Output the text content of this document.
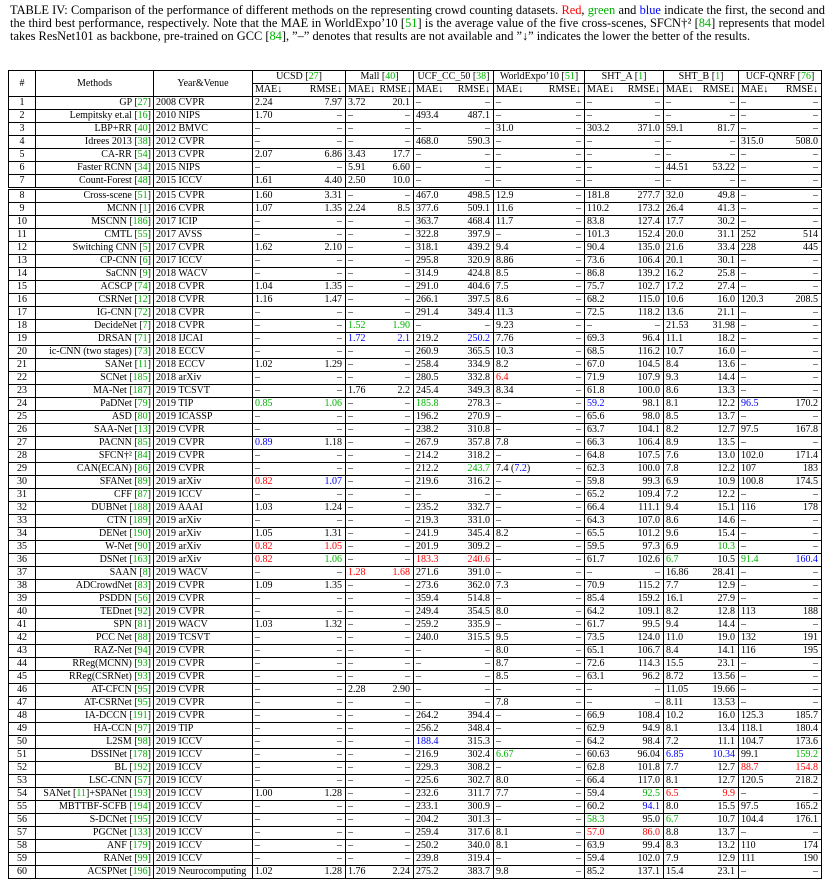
TABLE IV: Comparison of the performance of different methods on the representing crowd counting datasets. Red, green and blue indicate the first, the second and the third best performance, respectively. Note that the MAE in WorldExpo’10 [51] is the average value of the five cross-scenes, SFCN†² [84] represents that model takes ResNet101 as backbone, pre-trained on GCC [84], ”–” denotes that results are not available and ”↓” indicates the lower the better of the results.
#	Methods	Year&Venue	UCSD [27]		Mall [40]		UCF_CC_50 [38]		WorldExpo’10 [51]		SHT_A [1]		SHT_B [1]		UCF-QNRF [76]	
			MAE↓	RMSE↓	MAE↓	RMSE↓	MAE↓	RMSE↓	MAE↓	RMSE↓	MAE↓	RMSE↓	MAE↓	RMSE↓	MAE↓	RMSE↓
1	GP [27]	2008 CVPR	2.24	7.97	3.72	20.1	–	–	–	–	–	–	–	–	–	–
2	Lempitsky et.al [16]	2010 NIPS	1.70	–	–	–	493.4	487.1	–	–	–	–	–	–	–	–
3	LBP+RR [40]	2012 BMVC	–	–	–	–	–	–	31.0	–	303.2	371.0	59.1	81.7	–	–
4	Idrees 2013 [38]	2012 CVPR	–	–	–	–	468.0	590.3	–	–	–	–	–	–	315.0	508.0
5	CA-RR [54]	2013 CVPR	2.07	6.86	3.43	17.7	–	–	–	–	–	–	–	–	–	–
6	Faster RCNN [34]	2015 NIPS	–	–	5.91	6.60	–	–	–	–	–	–	44.51	53.22	–	–
7	Count-Forest [48]	2015 ICCV	1.61	4.40	2.50	10.0	–	–	–	–	–	–	–	–	–	–
8	Cross-scene [51]	2015 CVPR	1.60	3.31	–	–	467.0	498.5	12.9	–	181.8	277.7	32.0	49.8	–	–
9	MCNN [1]	2016 CVPR	1.07	1.35	2.24	8.5	377.6	509.1	11.6	–	110.2	173.2	26.4	41.3	–	–
10	MSCNN [186]	2017 ICIP	–	–	–	–	363.7	468.4	11.7	–	83.8	127.4	17.7	30.2	–	–
11	CMTL [55]	2017 AVSS	–	–	–	–	322.8	397.9	–	–	101.3	152.4	20.0	31.1	252	514
12	Switching CNN [5]	2017 CVPR	1.62	2.10	–	–	318.1	439.2	9.4	–	90.4	135.0	21.6	33.4	228	445
13	CP-CNN [6]	2017 ICCV	–	–	–	–	295.8	320.9	8.86	–	73.6	106.4	20.1	30.1	–	–
14	SaCNN [9]	2018 WACV	–	–	–	–	314.9	424.8	8.5	–	86.8	139.2	16.2	25.8	–	–
15	ACSCP [74]	2018 CVPR	1.04	1.35	–	–	291.0	404.6	7.5	–	75.7	102.7	17.2	27.4	–	–
16	CSRNet [12]	2018 CVPR	1.16	1.47	–	–	266.1	397.5	8.6	–	68.2	115.0	10.6	16.0	120.3	208.5
17	IG-CNN [72]	2018 CVPR	–	–	–	–	291.4	349.4	11.3	–	72.5	118.2	13.6	21.1	–	–
18	DecideNet [7]	2018 CVPR	–	–	1.52	1.90	–	–	9.23	–	–	–	21.53	31.98	–	–
19	DRSAN [71]	2018 IJCAI	–	–	1.72	2.1	219.2	250.2	7.76	–	69.3	96.4	11.1	18.2	–	–
20	ic-CNN (two stages) [73]	2018 ECCV	–	–	–	–	260.9	365.5	10.3	–	68.5	116.2	10.7	16.0	–	–
21	SANet [11]	2018 ECCV	1.02	1.29	–	–	258.4	334.9	8.2	–	67.0	104.5	8.4	13.6	–	–
22	SCNet [185]	2018 arXiv	–	–	–	–	280.5	332.8	6.4	–	71.9	107.9	9.3	14.4	–	–
23	MA-Net [187]	2019 TCSVT	–	–	1.76	2.2	245.4	349.3	8.34	–	61.8	100.0	8.6	13.3	–	–
24	PaDNet [79]	2019 TIP	0.85	1.06	–	–	185.8	278.3	–	–	59.2	98.1	8.1	12.2	96.5	170.2
25	ASD [80]	2019 ICASSP	–	–	–	–	196.2	270.9	–	–	65.6	98.0	8.5	13.7	–	–
26	SAA-Net [13]	2019 CVPR	–	–	–	–	238.2	310.8	–	–	63.7	104.1	8.2	12.7	97.5	167.8
27	PACNN [85]	2019 CVPR	0.89	1.18	–	–	267.9	357.8	7.8	–	66.3	106.4	8.9	13.5	–	–
28	SFCN†² [84]	2019 CVPR	–	–	–	–	214.2	318.2	–	–	64.8	107.5	7.6	13.0	102.0	171.4
29	CAN(ECAN) [86]	2019 CVPR	–	–	–	–	212.2	243.7	7.4 (7.2)	–	62.3	100.0	7.8	12.2	107	183
30	SFANet [89]	2019 arXiv	0.82	1.07	–	–	219.6	316.2	–	–	59.8	99.3	6.9	10.9	100.8	174.5
31	CFF [87]	2019 ICCV	–	–	–	–	–	–	–	–	65.2	109.4	7.2	12.2	–	–
32	DUBNet [188]	2019 AAAI	1.03	1.24	–	–	235.2	332.7	–	–	66.4	111.1	9.4	15.1	116	178
33	CTN [189]	2019 arXiv	–	–	–	–	219.3	331.0	–	–	64.3	107.0	8.6	14.6	–	–
34	DENet [190]	2019 arXiv	1.05	1.31	–	–	241.9	345.4	8.2	–	65.5	101.2	9.6	15.4	–	–
35	W-Net [90]	2019 arXiv	0.82	1.05	–	–	201.9	309.2	–	–	59.5	97.3	6.9	10.3	–	–
36	DSNet [163]	2019 arXiv	0.82	1.06	–	–	183.3	240.6	–	–	61.7	102.6	6.7	10.5	91.4	160.4
37	SAAN [8]	2019 WACV	–	–	1.28	1.68	271.6	391.0	–	–	–	–	16.86	28.41	–	–
38	ADCrowdNet [83]	2019 CVPR	1.09	1.35	–	–	273.6	362.0	7.3	–	70.9	115.2	7.7	12.9	–	–
39	PSDDN [56]	2019 CVPR	–	–	–	–	359.4	514.8	–	–	85.4	159.2	16.1	27.9	–	–
40	TEDnet [92]	2019 CVPR	–	–	–	–	249.4	354.5	8.0	–	64.2	109.1	8.2	12.8	113	188
41	SPN [81]	2019 WACV	1.03	1.32	–	–	259.2	335.9	–	–	61.7	99.5	9.4	14.4	–	–
42	PCC Net [88]	2019 TCSVT	–	–	–	–	240.0	315.5	9.5	–	73.5	124.0	11.0	19.0	132	191
43	RAZ-Net [94]	2019 CVPR	–	–	–	–	–	–	8.0	–	65.1	106.7	8.4	14.1	116	195
44	RReg(MCNN) [93]	2019 CVPR	–	–	–	–	–	–	8.7	–	72.6	114.3	15.5	23.1	–	–
45	RReg(CSRNet) [93]	2019 CVPR	–	–	–	–	–	–	8.5	–	63.1	96.2	8.72	13.56	–	–
46	AT-CFCN [95]	2019 CVPR	–	–	2.28	2.90	–	–	–	–	–	–	11.05	19.66	–	–
47	AT-CSRNet [95]	2019 CVPR	–	–	–	–	–	–	7.8	–	–	–	8.11	13.53	–	–
48	IA-DCCN [191]	2019 CVPR	–	–	–	–	264.2	394.4	–	–	66.9	108.4	10.2	16.0	125.3	185.7
49	HA-CCN [97]	2019 TIP	–	–	–	–	256.2	348.4	–	–	62.9	94.9	8.1	13.4	118.1	180.4
50	L2SM [98]	2019 ICCV	–	–	–	–	188.4	315.3	–	–	64.2	98.4	7.2	11.1	104.7	173.6
51	DSSINet [178]	2019 ICCV	–	–	–	–	216.9	302.4	6.67	–	60.63	96.04	6.85	10.34	99.1	159.2
52	BL [192]	2019 ICCV	–	–	–	–	229.3	308.2	–	–	62.8	101.8	7.7	12.7	88.7	154.8
53	LSC-CNN [57]	2019 ICCV	–	–	–	–	225.6	302.7	8.0	–	66.4	117.0	8.1	12.7	120.5	218.2
54	SANet [11]+SPANet [193]	2019 ICCV	1.00	1.28	–	–	232.6	311.7	7.7	–	59.4	92.5	6.5	9.9	–	–
55	MBTTBF-SCFB [194]	2019 ICCV	–	–	–	–	233.1	300.9	–	–	60.2	94.1	8.0	15.5	97.5	165.2
56	S-DCNet [195]	2019 ICCV	–	–	–	–	204.2	301.3	–	–	58.3	95.0	6.7	10.7	104.4	176.1
57	PGCNet [133]	2019 ICCV	–	–	–	–	259.4	317.6	8.1	–	57.0	86.0	8.8	13.7	–	–
58	ANF [179]	2019 ICCV	–	–	–	–	250.2	340.0	8.1	–	63.9	99.4	8.3	13.2	110	174
59	RANet [99]	2019 ICCV	–	–	–	–	239.8	319.4	–	–	59.4	102.0	7.9	12.9	111	190
60	ACSPNet [196]	2019 Neurocomputing	1.02	1.28	1.76	2.24	275.2	383.7	9.8	–	85.2	137.1	15.4	23.1	–	–
